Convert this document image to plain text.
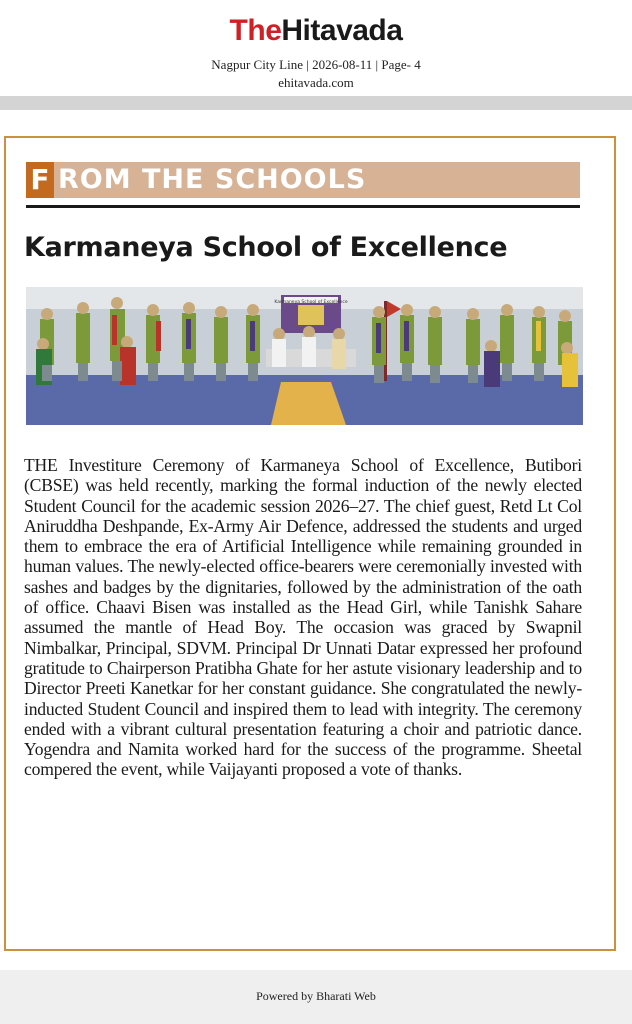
TheHitavada
Nagpur City Line | 2026-08-11 | Page- 4
ehitavada.com
F ROM THE SCHOOLS
Karmaneya School of Excellence
Karmaneya School of Excellence

THE Investiture Ceremony of Karmaneya School of Excellence, Butibori (CBSE) was held recently, marking the formal induction of the newly elected Student Council for the academic session 2026–27. The chief guest, Retd Lt Col Aniruddha Deshpande, Ex-Army Air Defence, addressed the students and urged them to embrace the era of Artificial Intelligence while remaining grounded in human values. The newly-elected office-bearers were ceremonially invested with sashes and badges by the dignitaries, followed by the administration of the oath of office. Chaavi Bisen was installed as the Head Girl, while Tanishk Sahare assumed the mantle of Head Boy. The occasion was graced by Swapnil Nimbalkar, Principal, SDVM. Principal Dr Unnati Datar expressed her profound gratitude to Chairperson Pratibha Ghate for her astute visionary leadership and to Director Preeti Kanetkar for her constant guidance. She congratulated the newly-inducted Student Council and inspired them to lead with integrity. The ceremony ended with a vibrant cultural presentation featuring a choir and patriotic dance. Yogendra and Namita worked hard for the success of the programme. Sheetal compered the event, while Vaijayanti proposed a vote of thanks.

Powered by Bharati Web
